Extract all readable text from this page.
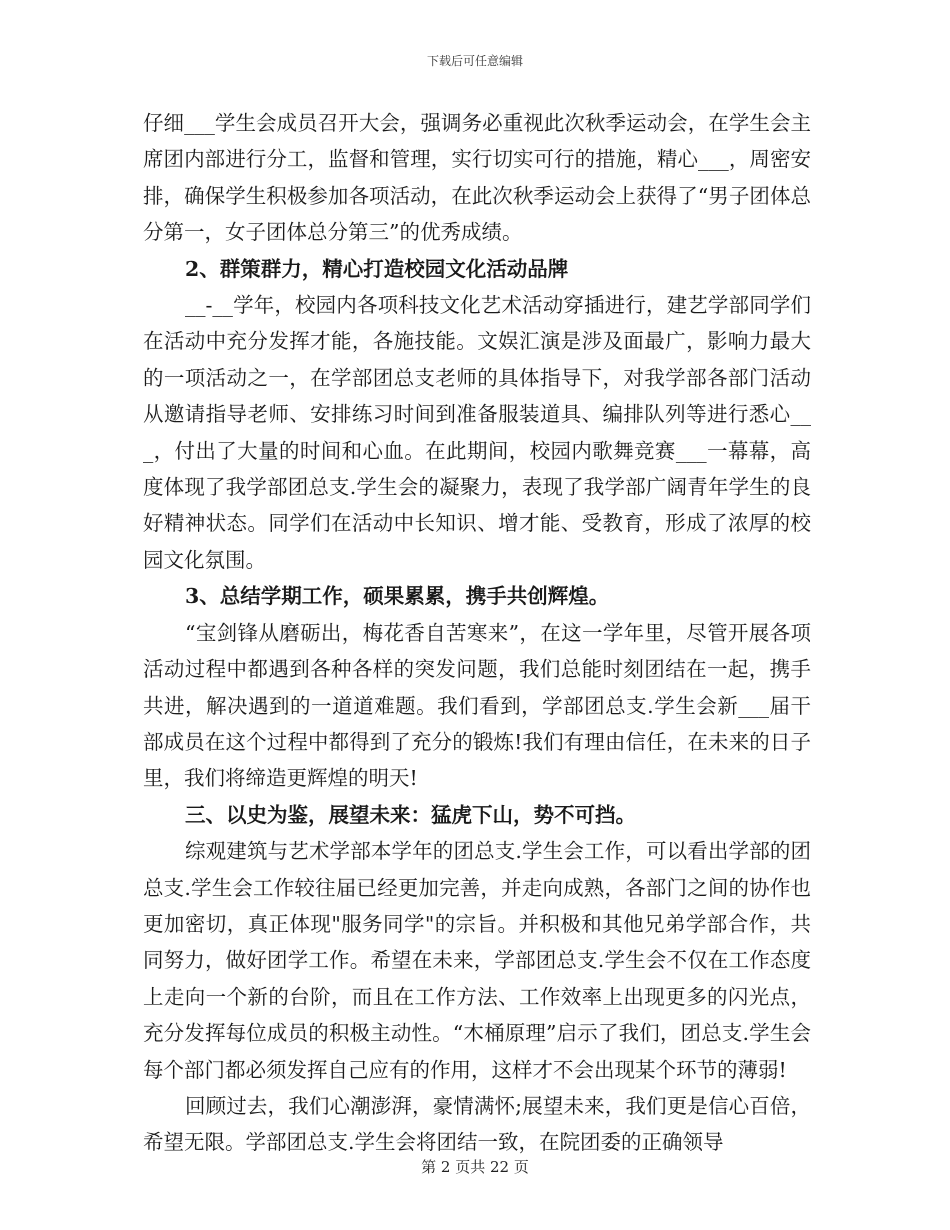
下载后可任意编辑

仔细___学生会成员召开大会，强调务必重视此次秋季运动会，在学生会主席团内部进行分工，监督和管理，实行切实可行的措施，精心___，周密安排，确保学生积极参加各项活动，在此次秋季运动会上获得了“男子团体总分第一，女子团体总分第三”的优秀成绩。

2、群策群力，精心打造校园文化活动品牌

__-__学年，校园内各项科技文化艺术活动穿插进行，建艺学部同学们在活动中充分发挥才能，各施技能。文娱汇演是涉及面最广，影响力最大的一项活动之一，在学部团总支老师的具体指导下，对我学部各部门活动从邀请指导老师、安排练习时间到准备服装道具、编排队列等进行悉心___，付出了大量的时间和心血。在此期间，校园内歌舞竞赛___一幕幕，高度体现了我学部团总支.学生会的凝聚力，表现了我学部广阔青年学生的良好精神状态。同学们在活动中长知识、增才能、受教育，形成了浓厚的校园文化氛围。

3、总结学期工作，硕果累累，携手共创辉煌。

“宝剑锋从磨砺出，梅花香自苦寒来”，在这一学年里，尽管开展各项活动过程中都遇到各种各样的突发问题，我们总能时刻团结在一起，携手共进，解决遇到的一道道难题。我们看到，学部团总支.学生会新___届干部成员在这个过程中都得到了充分的锻炼!我们有理由信任，在未来的日子里，我们将缔造更辉煌的明天!

三、以史为鉴，展望未来：猛虎下山，势不可挡。

综观建筑与艺术学部本学年的团总支.学生会工作，可以看出学部的团总支.学生会工作较往届已经更加完善，并走向成熟，各部门之间的协作也更加密切，真正体现"服务同学"的宗旨。并积极和其他兄弟学部合作，共同努力，做好团学工作。希望在未来，学部团总支.学生会不仅在工作态度上走向一个新的台阶，而且在工作方法、工作效率上出现更多的闪光点，充分发挥每位成员的积极主动性。“木桶原理”启示了我们，团总支.学生会每个部门都必须发挥自己应有的作用，这样才不会出现某个环节的薄弱!

回顾过去，我们心潮澎湃，豪情满怀;展望未来，我们更是信心百倍，希望无限。学部团总支.学生会将团结一致，在院团委的正确领导

第 2 页共 22 页
